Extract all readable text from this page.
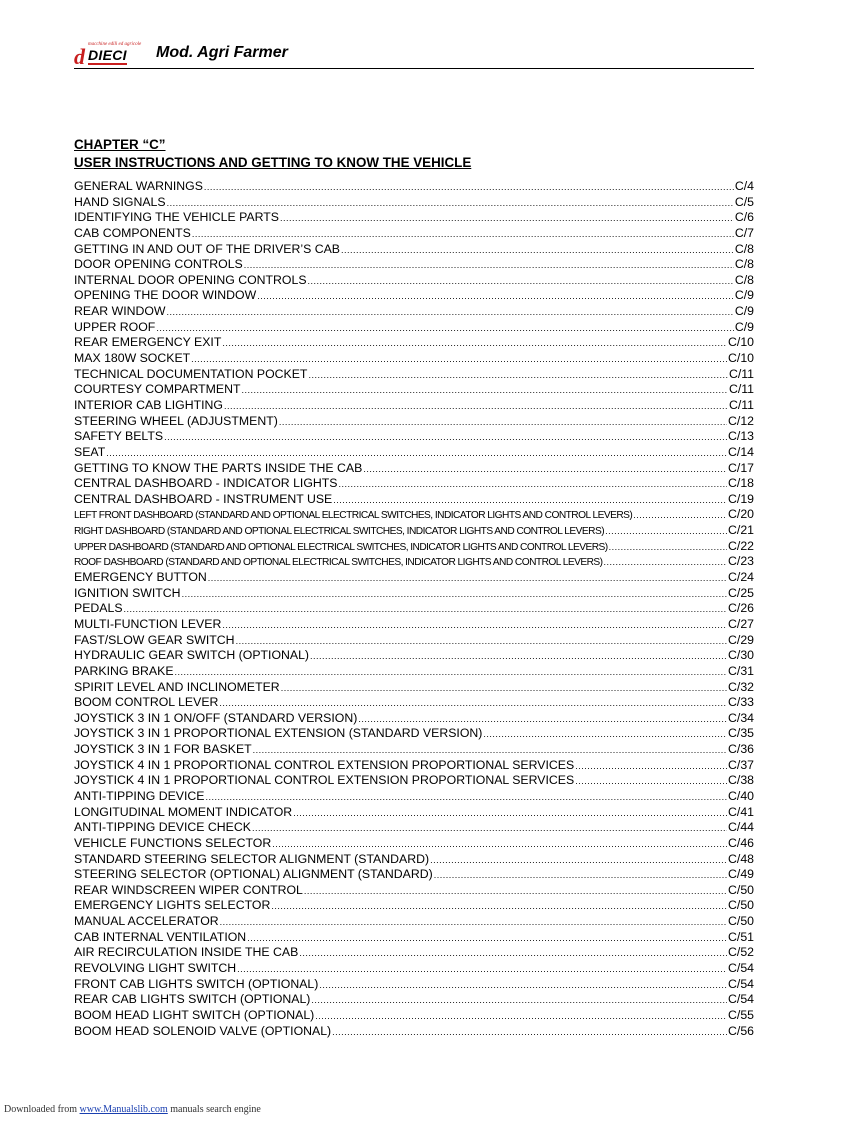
macchine edili ed agricole
d DIECI Mod. Agri Farmer
CHAPTER “C”
USER INSTRUCTIONS AND GETTING TO KNOW THE VEHICLE
GENERAL WARNINGS .....	C/4
HAND SIGNALS .....	C/5
IDENTIFYING THE VEHICLE PARTS .....	C/6
CAB COMPONENTS .....	C/7
GETTING IN AND OUT OF THE DRIVER’S CAB .....	C/8
DOOR OPENING CONTROLS .....	C/8
INTERNAL DOOR OPENING CONTROLS .....	C/8
OPENING THE DOOR WINDOW .....	C/9
REAR WINDOW .....	C/9
UPPER ROOF .....	C/9
REAR EMERGENCY EXIT .....	C/10
MAX 180W SOCKET .....	C/10
TECHNICAL DOCUMENTATION POCKET .....	C/11
COURTESY COMPARTMENT .....	C/11
INTERIOR CAB LIGHTING .....	C/11
STEERING WHEEL (ADJUSTMENT) .....	C/12
SAFETY BELTS .....	C/13
SEAT .....	C/14
GETTING TO KNOW THE PARTS INSIDE THE CAB .....	C/17
CENTRAL DASHBOARD - INDICATOR LIGHTS .....	C/18
CENTRAL DASHBOARD - INSTRUMENT USE .....	C/19
LEFT FRONT DASHBOARD (STANDARD AND OPTIONAL ELECTRICAL SWITCHES, INDICATOR LIGHTS AND CONTROL LEVERS) .....	C/20
RIGHT DASHBOARD (STANDARD AND OPTIONAL ELECTRICAL SWITCHES, INDICATOR LIGHTS AND CONTROL LEVERS) .....	C/21
UPPER DASHBOARD (STANDARD AND OPTIONAL ELECTRICAL SWITCHES, INDICATOR LIGHTS AND CONTROL LEVERS) .....	C/22
ROOF DASHBOARD (STANDARD AND OPTIONAL ELECTRICAL SWITCHES, INDICATOR LIGHTS AND CONTROL LEVERS) .....	C/23
EMERGENCY BUTTON .....	C/24
IGNITION SWITCH .....	C/25
PEDALS .....	C/26
MULTI-FUNCTION LEVER .....	C/27
FAST/SLOW GEAR SWITCH .....	C/29
HYDRAULIC GEAR SWITCH (OPTIONAL) .....	C/30
PARKING BRAKE .....	C/31
SPIRIT LEVEL AND INCLINOMETER .....	C/32
BOOM CONTROL LEVER .....	C/33
JOYSTICK 3 IN 1 ON/OFF (STANDARD VERSION) .....	C/34
JOYSTICK 3 IN 1 PROPORTIONAL EXTENSION (STANDARD VERSION) .....	C/35
JOYSTICK 3 IN 1 FOR BASKET .....	C/36
JOYSTICK 4 IN 1 PROPORTIONAL CONTROL EXTENSION PROPORTIONAL SERVICES .....	C/37
JOYSTICK 4 IN 1 PROPORTIONAL CONTROL EXTENSION PROPORTIONAL SERVICES .....	C/38
ANTI-TIPPING DEVICE .....	C/40
LONGITUDINAL MOMENT INDICATOR .....	C/41
ANTI-TIPPING DEVICE CHECK .....	C/44
VEHICLE FUNCTIONS SELECTOR .....	C/46
STANDARD STEERING SELECTOR ALIGNMENT (STANDARD) .....	C/48
STEERING SELECTOR (OPTIONAL) ALIGNMENT (STANDARD) .....	C/49
REAR WINDSCREEN WIPER CONTROL .....	C/50
EMERGENCY LIGHTS SELECTOR .....	C/50
MANUAL ACCELERATOR .....	C/50
CAB INTERNAL VENTILATION .....	C/51
AIR RECIRCULATION INSIDE THE CAB .....	C/52
REVOLVING LIGHT SWITCH .....	C/54
FRONT CAB LIGHTS SWITCH (OPTIONAL) .....	C/54
REAR CAB LIGHTS SWITCH (OPTIONAL) .....	C/54
BOOM HEAD LIGHT SWITCH (OPTIONAL) .....	C/55
BOOM HEAD SOLENOID VALVE (OPTIONAL) .....	C/56
Downloaded from www.Manualslib.com manuals search engine
